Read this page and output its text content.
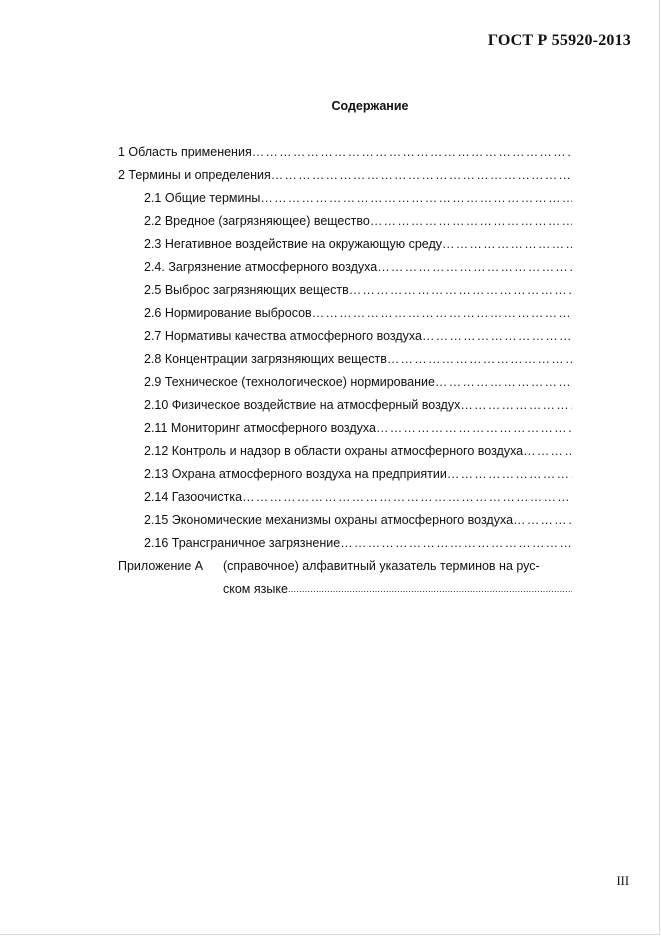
ГОСТ Р 55920-2013
Содержание
1 Область применения
………………………………………………………………………………………………………………………………………………
2 Термины и определения
………………………………………………………………………………………………………………………………………………
2.1 Общие термины
………………………………………………………………………………………………………………………………………………
2.2 Вредное (загрязняющее) вещество
………………………………………………………………………………………………………………………………………………
2.3 Негативное воздействие на окружающую среду
………………………………………………………………………………………………………………………………………………
2.4. Загрязнение атмосферного воздуха
………………………………………………………………………………………………………………………………………………
2.5 Выброс загрязняющих веществ
………………………………………………………………………………………………………………………………………………
2.6 Нормирование выбросов
………………………………………………………………………………………………………………………………………………
2.7 Нормативы качества атмосферного воздуха
………………………………………………………………………………………………………………………………………………
2.8 Концентрации загрязняющих веществ
………………………………………………………………………………………………………………………………………………
2.9 Техническое (технологическое) нормирование
………………………………………………………………………………………………………………………………………………
2.10 Физическое воздействие на атмосферный воздух
………………………………………………………………………………………………………………………………………………
2.11 Мониторинг атмосферного воздуха
………………………………………………………………………………………………………………………………………………
2.12 Контроль и надзор в области охраны атмосферного воздуха
………………………………………………………………………………………………………………………………………………
2.13 Охрана атмосферного воздуха на предприятии
………………………………………………………………………………………………………………………………………………
2.14 Газоочистка
………………………………………………………………………………………………………………………………………………
2.15 Экономические механизмы охраны атмосферного воздуха
………………………………………………………………………………………………………………………………………………
2.16 Трансграничное загрязнение
………………………………………………………………………………………………………………………………………………
Приложение А	(справочное) алфавитный указатель терминов на рус-
ском языке
.....
III
